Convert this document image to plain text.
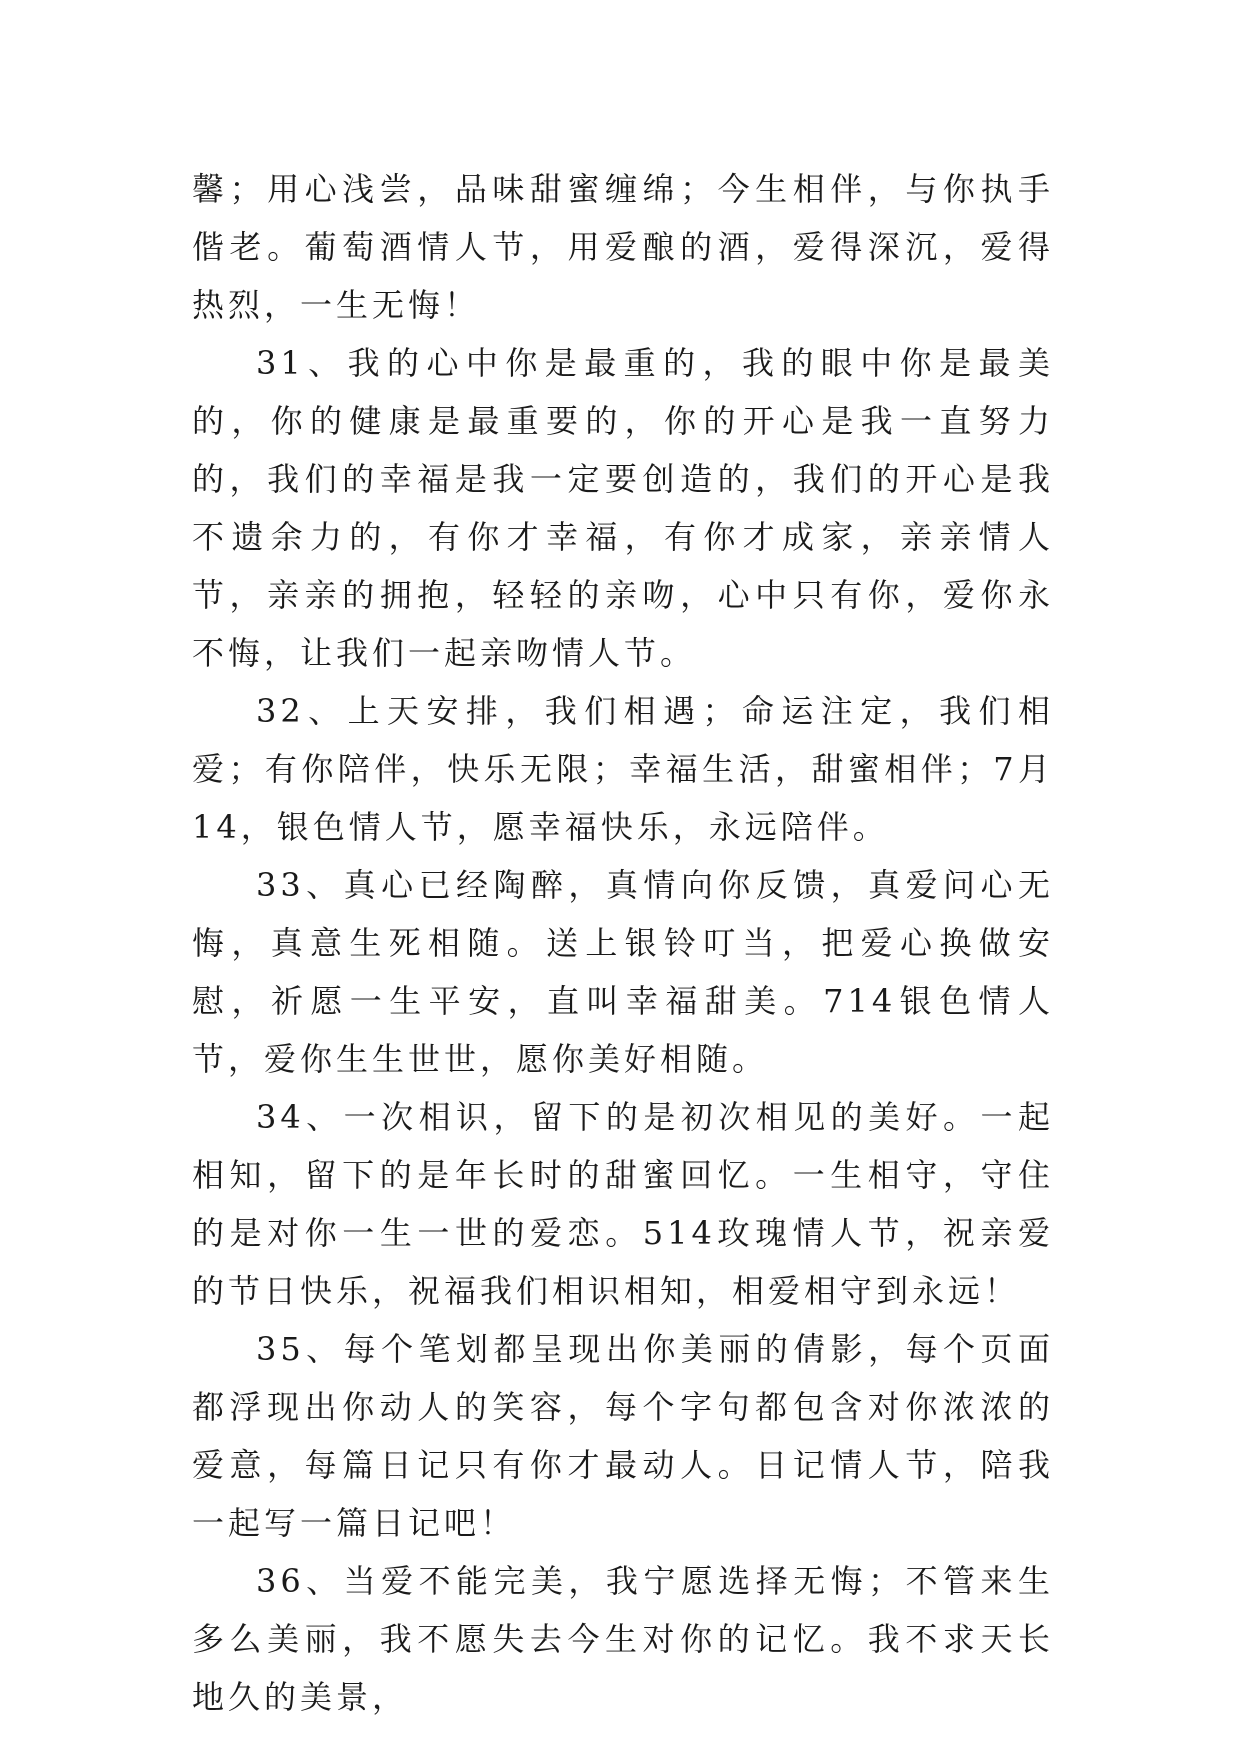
馨；用心浅尝，品味甜蜜缠绵；今生相伴，与你执手偕老。葡萄酒情人节，用爱酿的酒，爱得深沉，爱得热烈，一生无悔！

31、我的心中你是最重的，我的眼中你是最美的，你的健康是最重要的，你的开心是我一直努力的，我们的幸福是我一定要创造的，我们的开心是我不遗余力的，有你才幸福，有你才成家，亲亲情人节，亲亲的拥抱，轻轻的亲吻，心中只有你，爱你永不悔，让我们一起亲吻情人节。

32、上天安排，我们相遇；命运注定，我们相爱；有你陪伴，快乐无限；幸福生活，甜蜜相伴；7月14，银色情人节，愿幸福快乐，永远陪伴。

33、真心已经陶醉，真情向你反馈，真爱问心无悔，真意生死相随。送上银铃叮当，把爱心换做安慰，祈愿一生平安，直叫幸福甜美。714银色情人节，爱你生生世世，愿你美好相随。

34、一次相识，留下的是初次相见的美好。一起相知，留下的是年长时的甜蜜回忆。一生相守，守住的是对你一生一世的爱恋。514玫瑰情人节，祝亲爱的节日快乐，祝福我们相识相知，相爱相守到永远！

35、每个笔划都呈现出你美丽的倩影，每个页面都浮现出你动人的笑容，每个字句都包含对你浓浓的爱意，每篇日记只有你才最动人。日记情人节，陪我一起写一篇日记吧！

36、当爱不能完美，我宁愿选择无悔；不管来生多么美丽，我不愿失去今生对你的记忆。我不求天长地久的美景，
